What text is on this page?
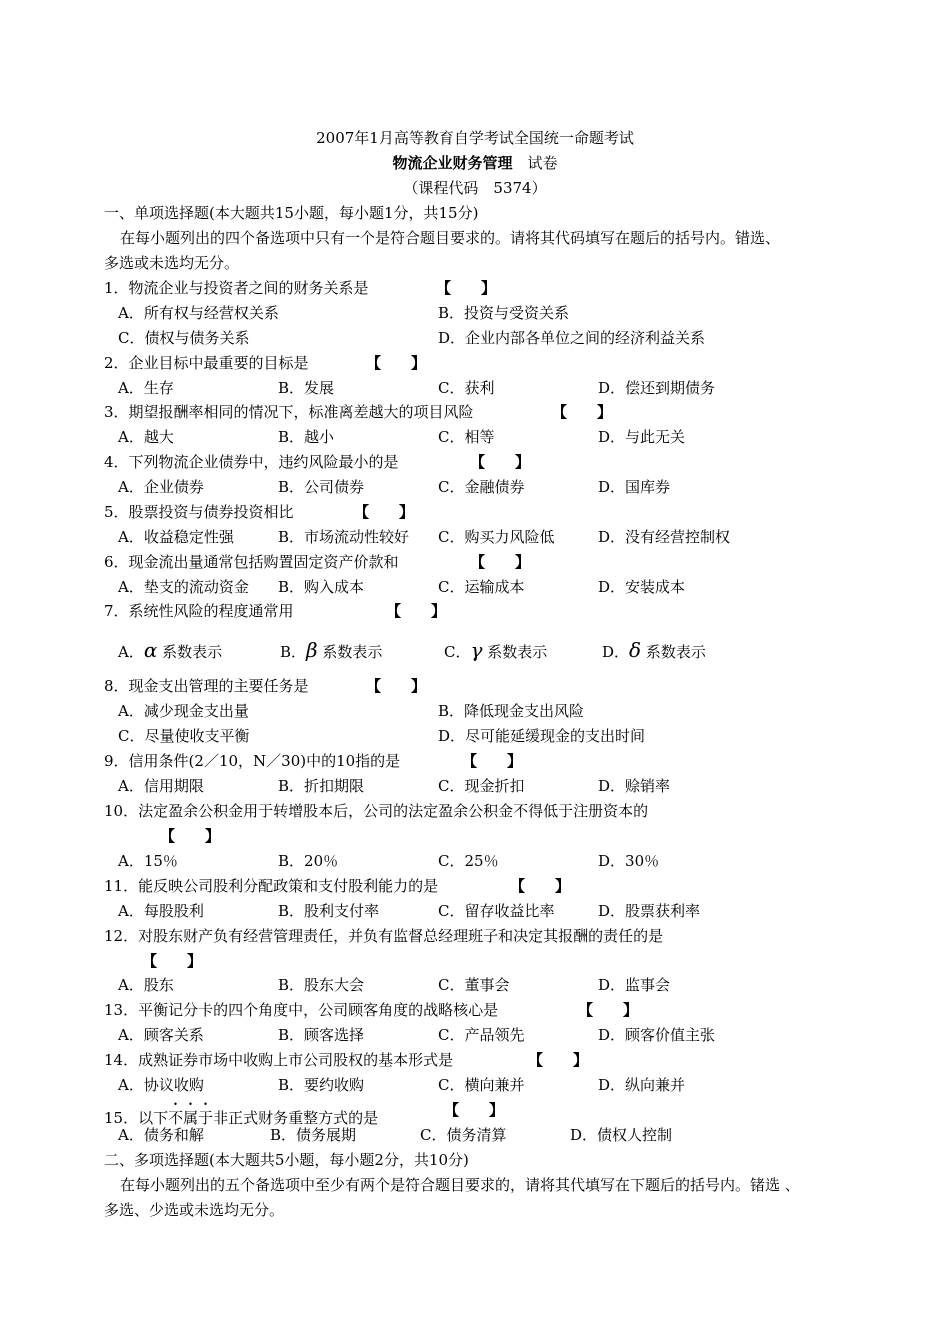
2007年1月高等教育自学考试全国统一命题考试
物流企业财务管理　 试卷
（课程代码　5374）
一、单项选择题(本大题共15小题，每小题1分，共15分)
在每小题列出的四个备选项中只有一个是符合题目要求的。请将其代码填写在题后的括号内。错选、
多选或未选均无分。
1．物流企业与投资者之间的财务关系是	【　　】
A．所有权与经营权关系	B．投资与受资关系
C．债权与债务关系	D．企业内部各单位之间的经济利益关系
2．企业目标中最重要的目标是	【　　】
A．生存	B．发展	C．获利	D．偿还到期债务
3．期望报酬率相同的情况下，标准离差越大的项目风险	【　　】
A．越大	B．越小	C．相等	D．与此无关
4．下列物流企业债券中，违约风险最小的是	【　　】
A．企业债券	B．公司债券	C．金融债券	D．国库券
5．股票投资与债券投资相比	【　　】
A．收益稳定性强	B．市场流动性较好 C．购买力风险低	D．没有经营控制权
6．现金流出量通常包括购置固定资产价款和	【　　】
A．垫支的流动资金 B．购入成本	C．运输成本	D．安装成本
7．系统性风险的程度通常用	【　　】
A．α 系数表示	B．β 系数表示	C．γ 系数表示	D．δ 系数表示
8．现金支出管理的主要任务是	【　　】
A．减少现金支出量	B．降低现金支出风险
C．尽量使收支平衡	D．尽可能延缓现金的支出时间
9．信用条件(2／10，N／30)中的10指的是	【　　】
A．信用期限	B．折扣期限	C．现金折扣	D．赊销率
10．法定盈余公积金用于转增股本后，公司的法定盈余公积金不得低于注册资本的
【　　】
A．15％	B．20％	C．25％	D．30％
11．能反映公司股利分配政策和支付股利能力的是	【　　】
A．每股股利	B．股利支付率	C．留存收益比率	D．股票获利率
12．对股东财产负有经营管理责任，并负有监督总经理班子和决定其报酬的责任的是
【　　】
A．股东	B．股东大会	C．董事会	D．监事会
13．平衡记分卡的四个角度中，公司顾客角度的战略核心是	【　　】
A．顾客关系	B．顾客选择	C．产品领先	D．顾客价值主张
14．成熟证券市场中收购上市公司股权的基本形式是	【　　】
A．协议收购	B．要约收购	C．横向兼并	D．纵向兼并
15．以下不属于非正式财务重整方式的是	【　　】
A．债务和解	B．债务展期	C．债务清算	D．债权人控制
二、多项选择题(本大题共5小题，每小题2分，共10分)
在每小题列出的五个备选项中至少有两个是符合题目要求的，请将其代填写在下题后的括号内。锗选 、
多选、少选或未选均无分。
